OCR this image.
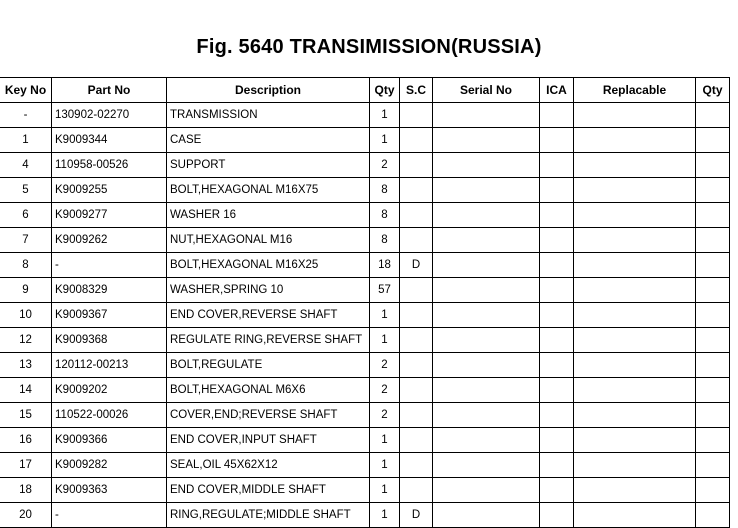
Fig. 5640 TRANSIMISSION(RUSSIA)
Key No	Part No	Description	Qty	S.C	Serial No	ICA	Replacable	Qty
-	130902-02270	TRANSMISSION	1					
1	K9009344	CASE	1					
4	110958-00526	SUPPORT	2					
5	K9009255	BOLT,HEXAGONAL M16X75	8					
6	K9009277	WASHER 16	8					
7	K9009262	NUT,HEXAGONAL M16	8					
8	-	BOLT,HEXAGONAL M16X25	18	D				
9	K9008329	WASHER,SPRING 10	57					
10	K9009367	END COVER,REVERSE SHAFT	1					
12	K9009368	REGULATE RING,REVERSE SHAFT	1					
13	120112-00213	BOLT,REGULATE	2					
14	K9009202	BOLT,HEXAGONAL M6X6	2					
15	110522-00026	COVER,END;REVERSE SHAFT	2					
16	K9009366	END COVER,INPUT SHAFT	1					
17	K9009282	SEAL,OIL 45X62X12	1					
18	K9009363	END COVER,MIDDLE SHAFT	1					
20	-	RING,REGULATE;MIDDLE SHAFT	1	D				
